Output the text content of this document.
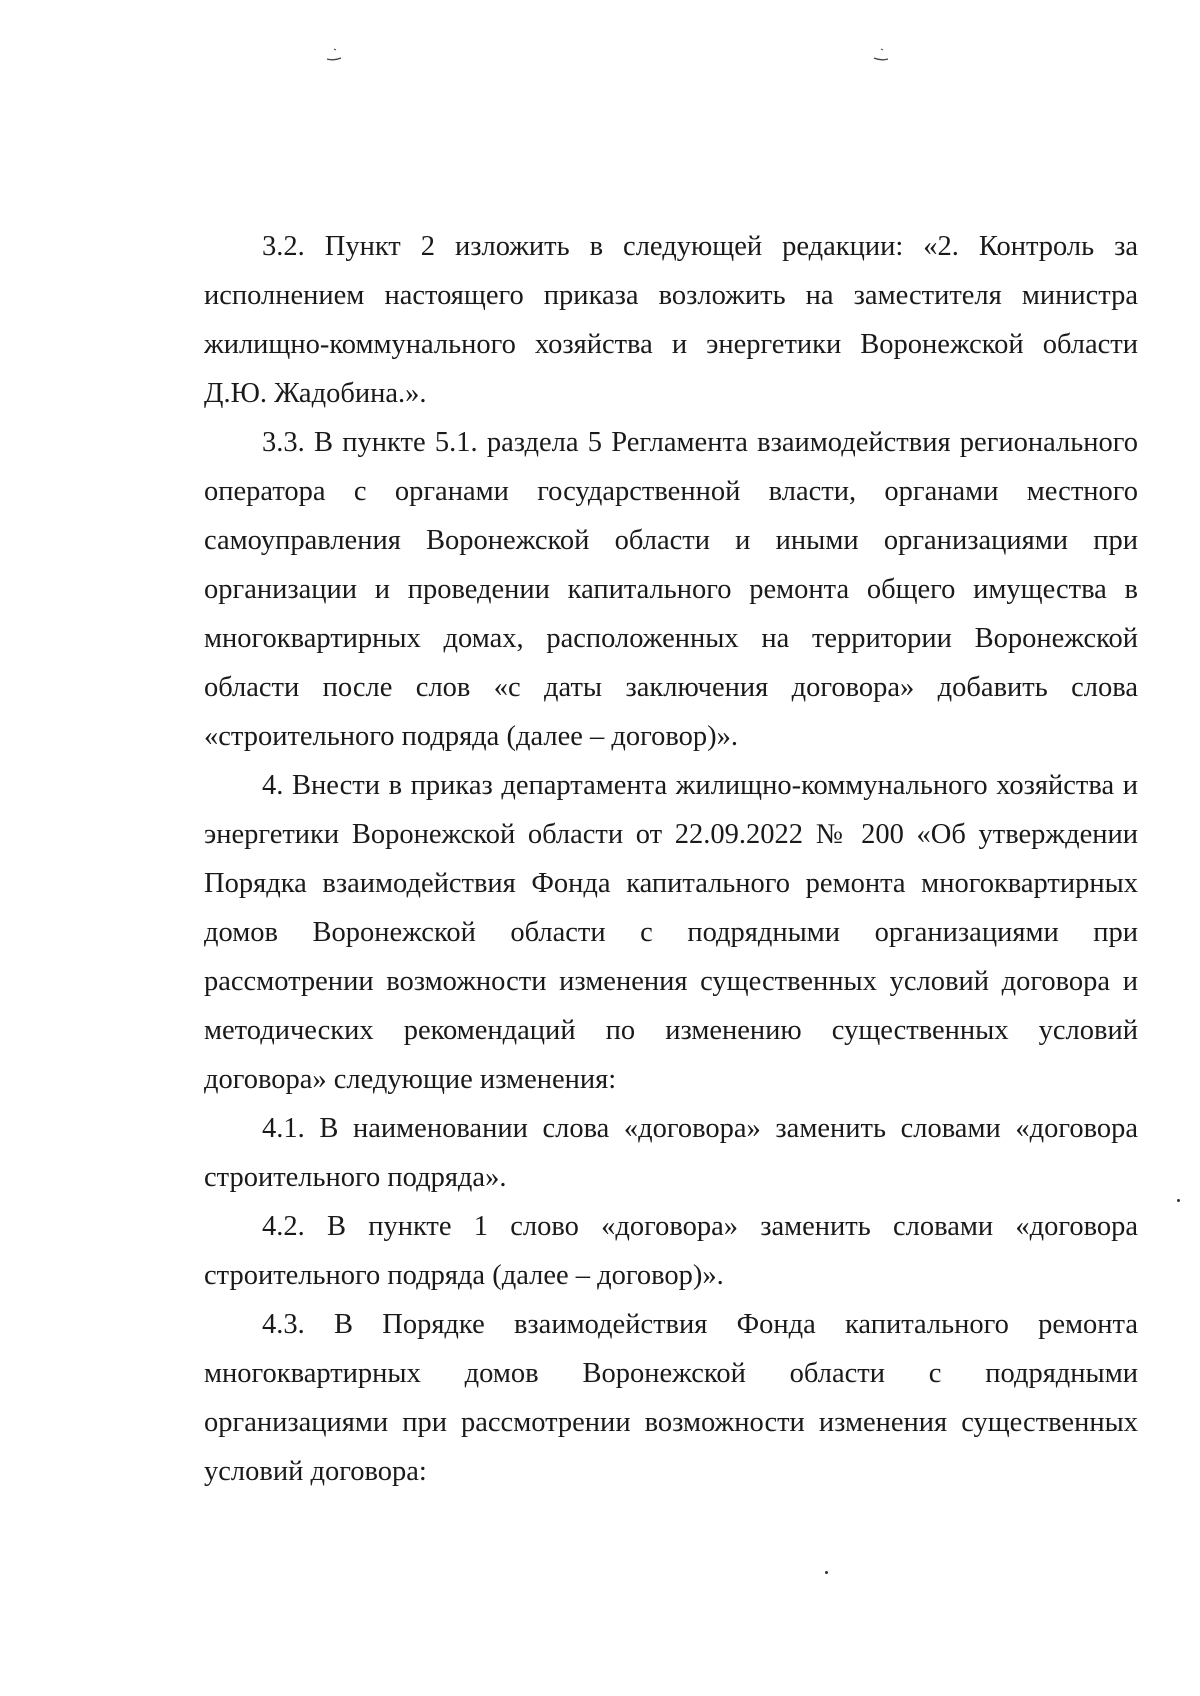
3.2. Пункт 2 изложить в следующей редакции: «2. Контроль за исполнением настоящего приказа возложить на заместителя министра жилищно-коммунального хозяйства и энергетики Воронежской области Д.Ю. Жадобина.».

3.3. В пункте 5.1. раздела 5 Регламента взаимодействия регионального оператора с органами государственной власти, органами местного самоуправления Воронежской области и иными организациями при организации и проведении капитального ремонта общего имущества в многоквартирных домах, расположенных на территории Воронежской области после слов «с даты заключения договора» добавить слова «строительного подряда (далее – договор)».

4. Внести в приказ департамента жилищно-коммунального хозяйства и энергетики Воронежской области от 22.09.2022 № 200 «Об утверждении Порядка взаимодействия Фонда капитального ремонта многоквартирных домов Воронежской области с подрядными организациями при рассмотрении возможности изменения существенных условий договора и методических рекомендаций по изменению существенных условий договора» следующие изменения:

4.1. В наименовании слова «договора» заменить словами «договора строительного подряда».

4.2. В пункте 1 слово «договора» заменить словами «договора строительного подряда (далее – договор)».

4.3. В Порядке взаимодействия Фонда капитального ремонта многоквартирных домов Воронежской области с подрядными организациями при рассмотрении возможности изменения существенных условий договора:
